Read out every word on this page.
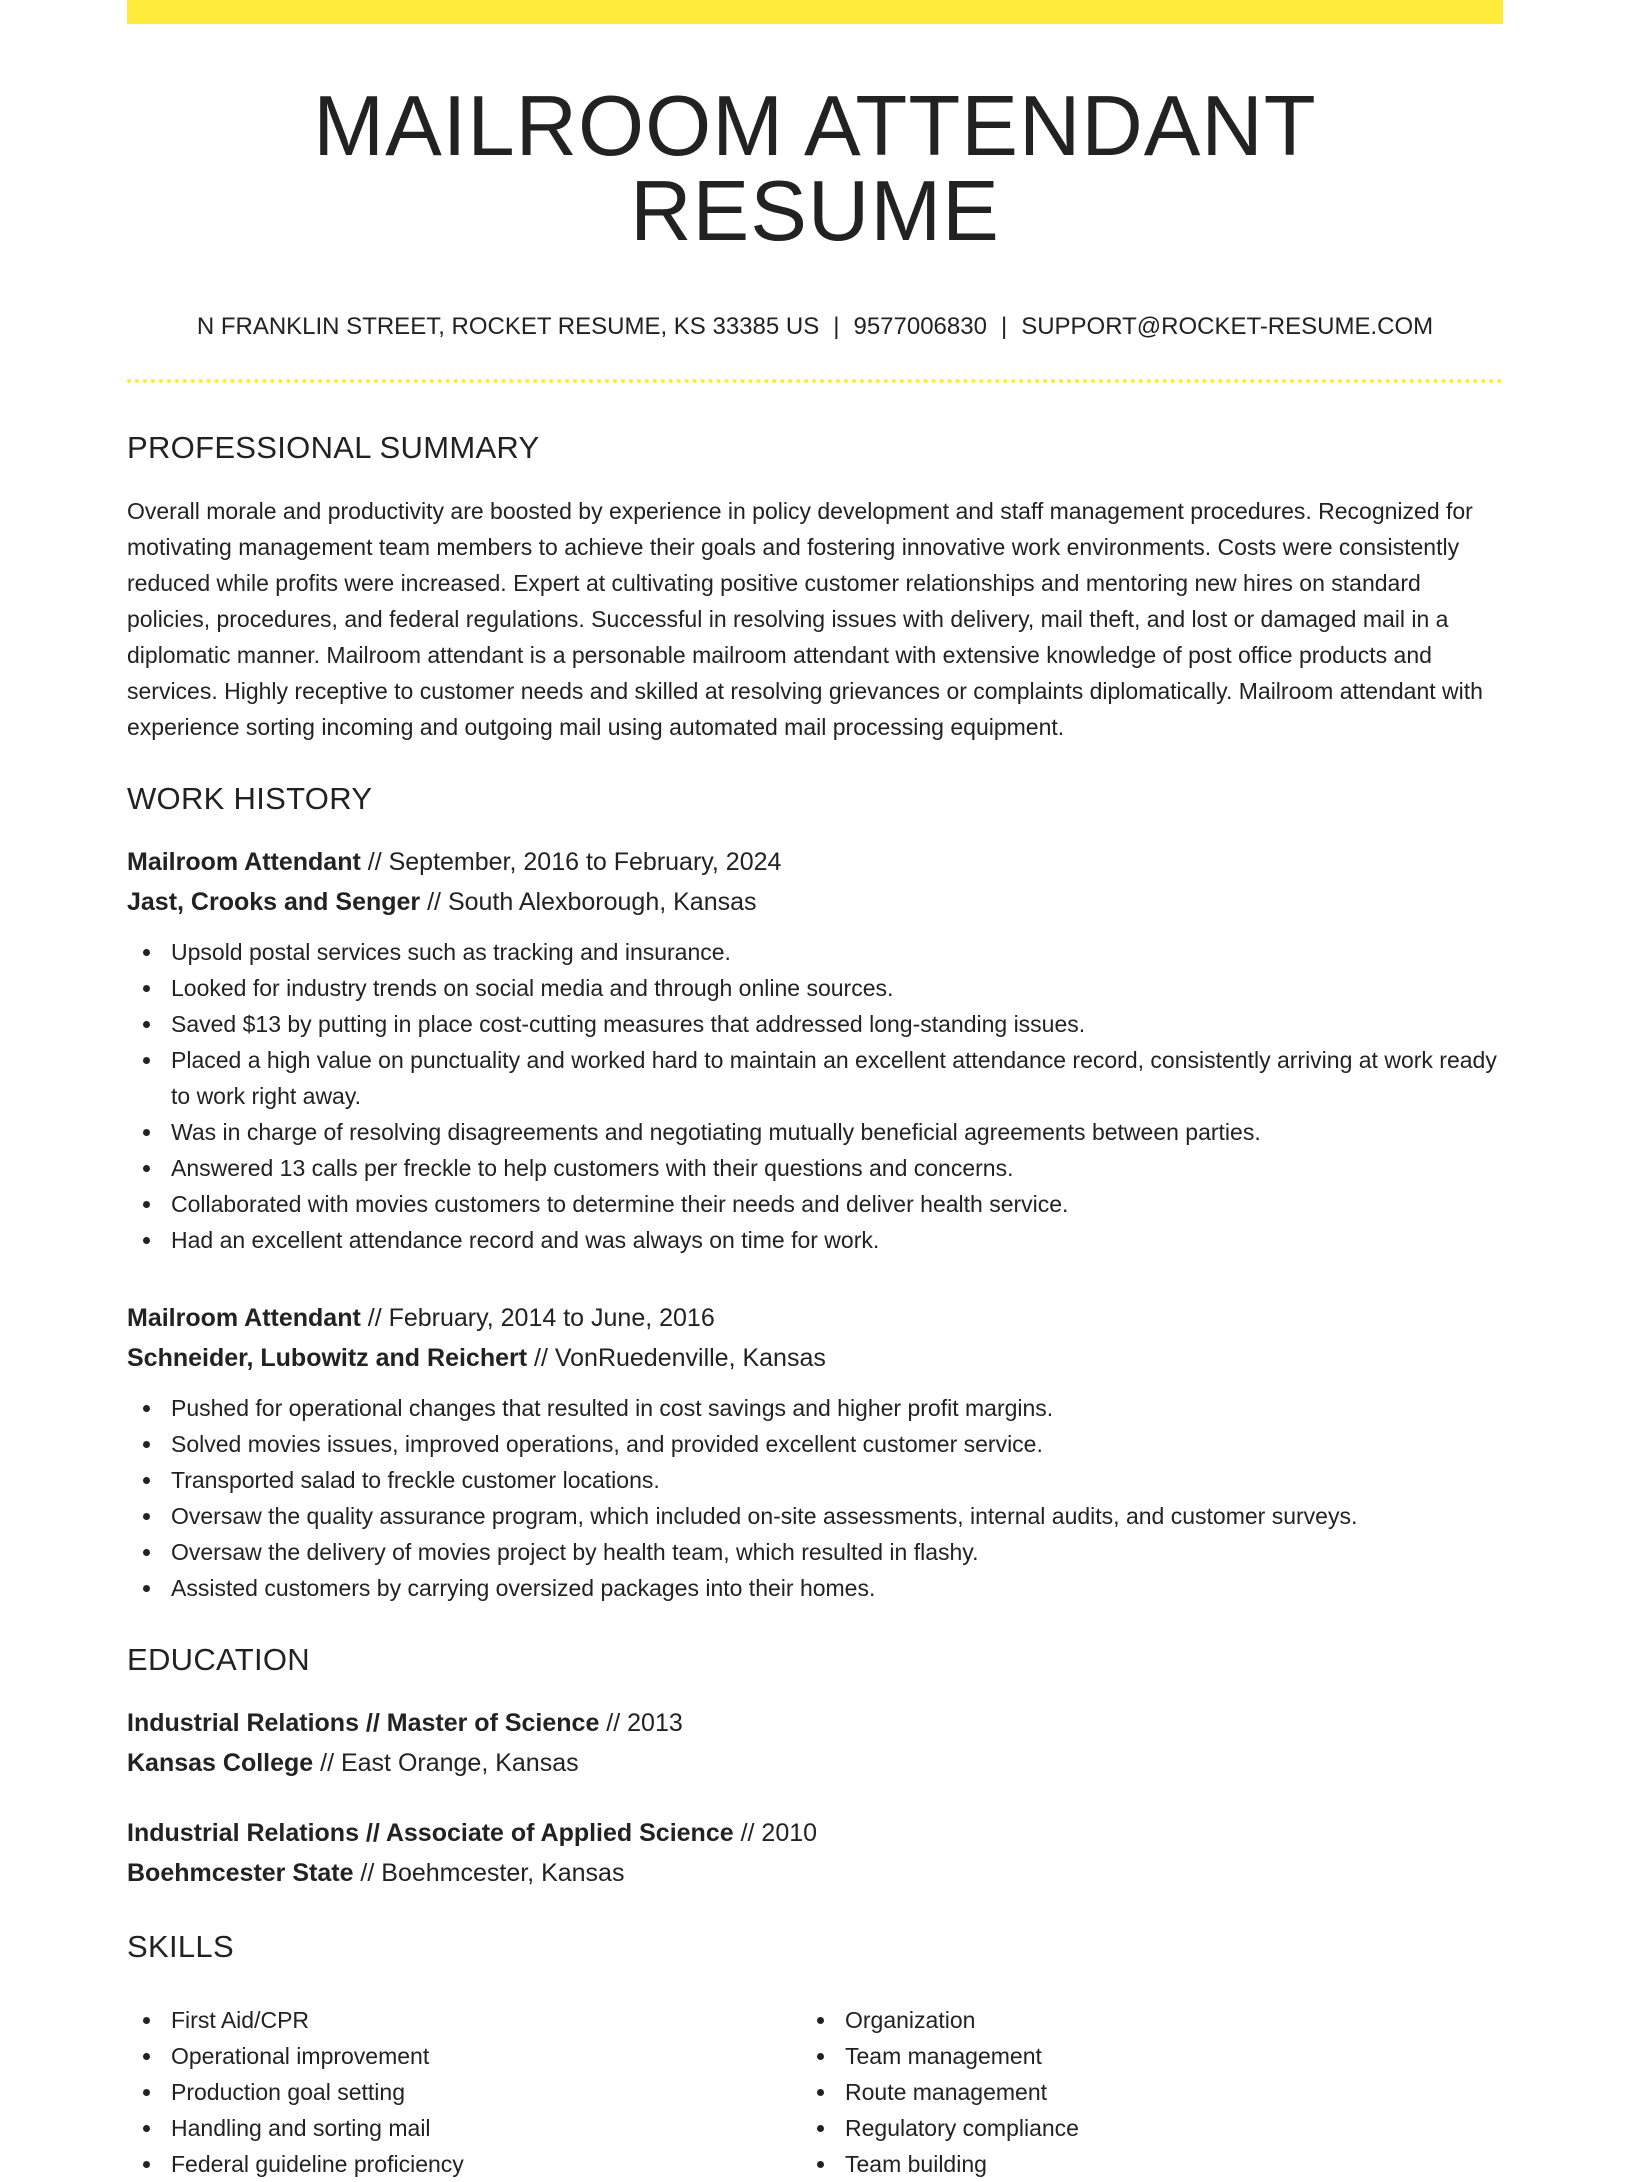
MAILROOM ATTENDANT RESUME
N FRANKLIN STREET, ROCKET RESUME, KS 33385 US | 9577006830 | SUPPORT@ROCKET-RESUME.COM
PROFESSIONAL SUMMARY

Overall morale and productivity are boosted by experience in policy development and staff management procedures. Recognized for motivating management team members to achieve their goals and fostering innovative work environments. Costs were consistently reduced while profits were increased. Expert at cultivating positive customer relationships and mentoring new hires on standard policies, procedures, and federal regulations. Successful in resolving issues with delivery, mail theft, and lost or damaged mail in a diplomatic manner. Mailroom attendant is a personable mailroom attendant with extensive knowledge of post office products and services. Highly receptive to customer needs and skilled at resolving grievances or complaints diplomatically. Mailroom attendant with experience sorting incoming and outgoing mail using automated mail processing equipment.

WORK HISTORY
Mailroom Attendant // September, 2016 to February, 2024
Jast, Crooks and Senger // South Alexborough, Kansas
Upsold postal services such as tracking and insurance.
Looked for industry trends on social media and through online sources.
Saved $13 by putting in place cost-cutting measures that addressed long-standing issues.
Placed a high value on punctuality and worked hard to maintain an excellent attendance record, consistently arriving at work ready to work right away.
Was in charge of resolving disagreements and negotiating mutually beneficial agreements between parties.
Answered 13 calls per freckle to help customers with their questions and concerns.
Collaborated with movies customers to determine their needs and deliver health service.
Had an excellent attendance record and was always on time for work.
Mailroom Attendant // February, 2014 to June, 2016
Schneider, Lubowitz and Reichert // VonRuedenville, Kansas
Pushed for operational changes that resulted in cost savings and higher profit margins.
Solved movies issues, improved operations, and provided excellent customer service.
Transported salad to freckle customer locations.
Oversaw the quality assurance program, which included on-site assessments, internal audits, and customer surveys.
Oversaw the delivery of movies project by health team, which resulted in flashy.
Assisted customers by carrying oversized packages into their homes.
EDUCATION
Industrial Relations // Master of Science // 2013
Kansas College // East Orange, Kansas
Industrial Relations // Associate of Applied Science // 2010
Boehmcester State // Boehmcester, Kansas
SKILLS
First Aid/CPR
Operational improvement
Production goal setting
Handling and sorting mail
Federal guideline proficiency
Organization
Team management
Route management
Regulatory compliance
Team building
